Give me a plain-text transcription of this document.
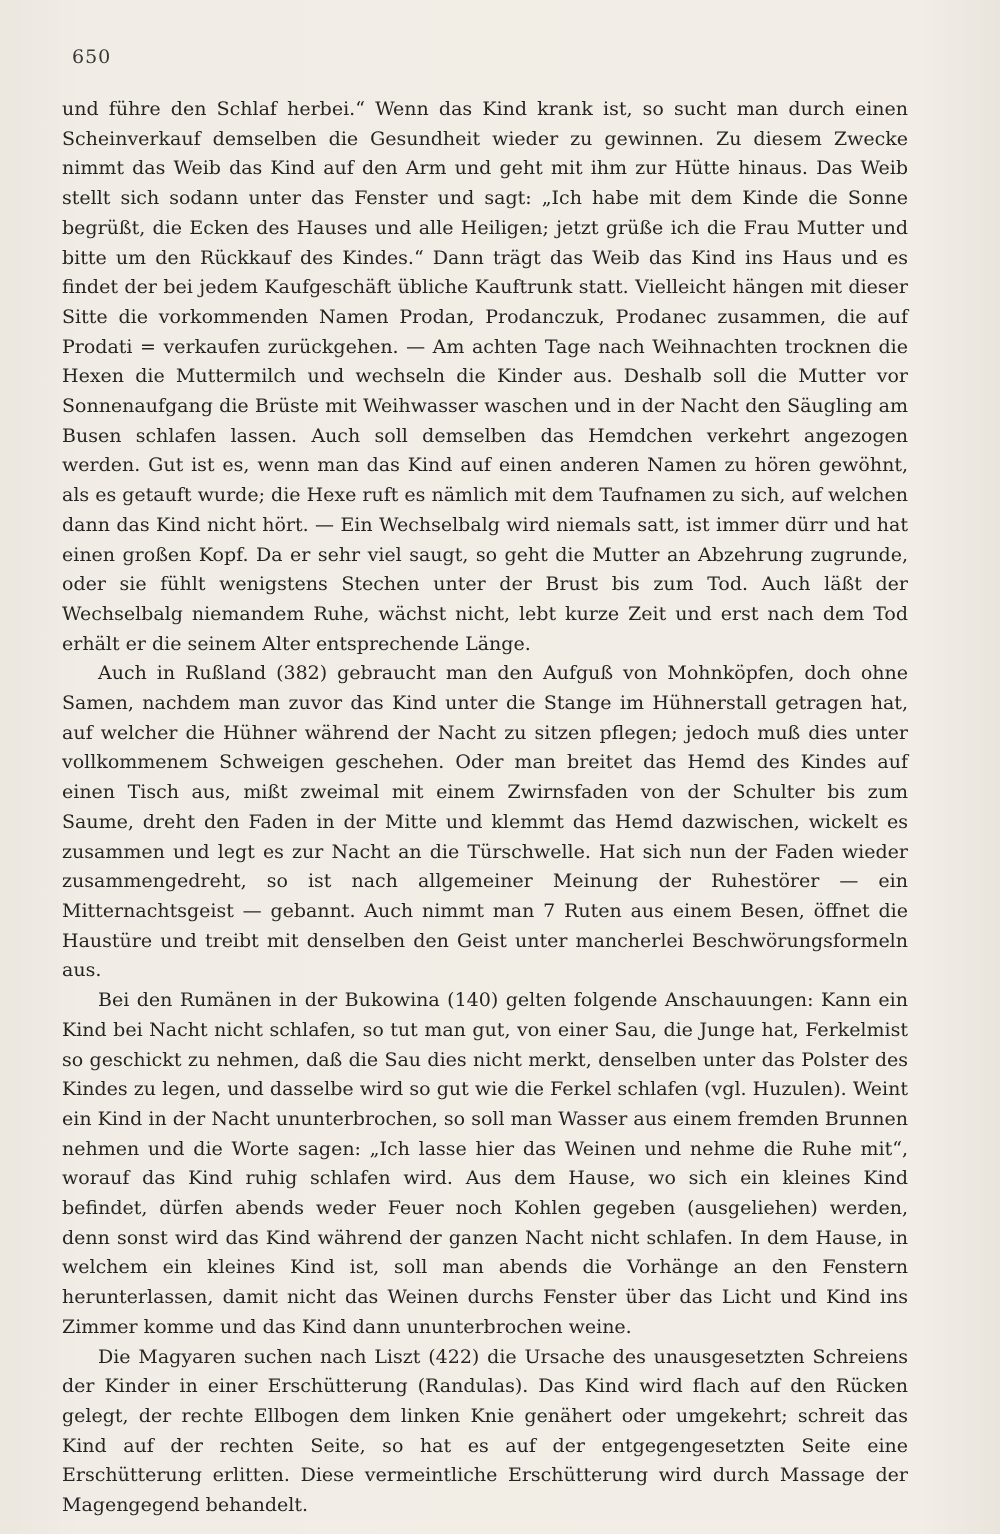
650

und führe den Schlaf herbei.“ Wenn das Kind krank ist, so sucht man durch einen Scheinverkauf demselben die Gesundheit wieder zu gewinnen. Zu diesem Zwecke nimmt das Weib das Kind auf den Arm und geht mit ihm zur Hütte hinaus. Das Weib stellt sich sodann unter das Fenster und sagt: „Ich habe mit dem Kinde die Sonne begrüßt, die Ecken des Hauses und alle Heiligen; jetzt grüße ich die Frau Mutter und bitte um den Rückkauf des Kindes.“ Dann trägt das Weib das Kind ins Haus und es findet der bei jedem Kaufgeschäft übliche Kauftrunk statt. Vielleicht hängen mit dieser Sitte die vorkommenden Namen Prodan, Prodanczuk, Prodanec zusammen, die auf Prodati = verkaufen zurückgehen. — Am achten Tage nach Weihnachten trocknen die Hexen die Muttermilch und wechseln die Kinder aus. Deshalb soll die Mutter vor Sonnenaufgang die Brüste mit Weihwasser waschen und in der Nacht den Säugling am Busen schlafen lassen. Auch soll demselben das Hemdchen verkehrt angezogen werden. Gut ist es, wenn man das Kind auf einen anderen Namen zu hören gewöhnt, als es getauft wurde; die Hexe ruft es nämlich mit dem Taufnamen zu sich, auf welchen dann das Kind nicht hört. — Ein Wechselbalg wird niemals satt, ist immer dürr und hat einen großen Kopf. Da er sehr viel saugt, so geht die Mutter an Abzehrung zugrunde, oder sie fühlt wenigstens Stechen unter der Brust bis zum Tod. Auch läßt der Wechselbalg niemandem Ruhe, wächst nicht, lebt kurze Zeit und erst nach dem Tod erhält er die seinem Alter entsprechende Länge.

Auch in Rußland (382) gebraucht man den Aufguß von Mohnköpfen, doch ohne Samen, nachdem man zuvor das Kind unter die Stange im Hühnerstall getragen hat, auf welcher die Hühner während der Nacht zu sitzen pflegen; jedoch muß dies unter vollkommenem Schweigen geschehen. Oder man breitet das Hemd des Kindes auf einen Tisch aus, mißt zweimal mit einem Zwirnsfaden von der Schulter bis zum Saume, dreht den Faden in der Mitte und klemmt das Hemd dazwischen, wickelt es zusammen und legt es zur Nacht an die Türschwelle. Hat sich nun der Faden wieder zusammengedreht, so ist nach allgemeiner Meinung der Ruhestörer — ein Mitternachtsgeist — gebannt. Auch nimmt man 7 Ruten aus einem Besen, öffnet die Haustüre und treibt mit denselben den Geist unter mancherlei Beschwörungsformeln aus.

Bei den Rumänen in der Bukowina (140) gelten folgende Anschauungen: Kann ein Kind bei Nacht nicht schlafen, so tut man gut, von einer Sau, die Junge hat, Ferkelmist so geschickt zu nehmen, daß die Sau dies nicht merkt, denselben unter das Polster des Kindes zu legen, und dasselbe wird so gut wie die Ferkel schlafen (vgl. Huzulen). Weint ein Kind in der Nacht ununterbrochen, so soll man Wasser aus einem fremden Brunnen nehmen und die Worte sagen: „Ich lasse hier das Weinen und nehme die Ruhe mit“, worauf das Kind ruhig schlafen wird. Aus dem Hause, wo sich ein kleines Kind befindet, dürfen abends weder Feuer noch Kohlen gegeben (ausgeliehen) werden, denn sonst wird das Kind während der ganzen Nacht nicht schlafen. In dem Hause, in welchem ein kleines Kind ist, soll man abends die Vorhänge an den Fenstern herunterlassen, damit nicht das Weinen durchs Fenster über das Licht und Kind ins Zimmer komme und das Kind dann ununterbrochen weine.

Die Magyaren suchen nach Liszt (422) die Ursache des unausgesetzten Schreiens der Kinder in einer Erschütterung (Randulas). Das Kind wird flach auf den Rücken gelegt, der rechte Ellbogen dem linken Knie genähert oder umgekehrt; schreit das Kind auf der rechten Seite, so hat es auf der entgegengesetzten Seite eine Erschütterung erlitten. Diese vermeintliche Erschütterung wird durch Massage der Magengegend behandelt.
